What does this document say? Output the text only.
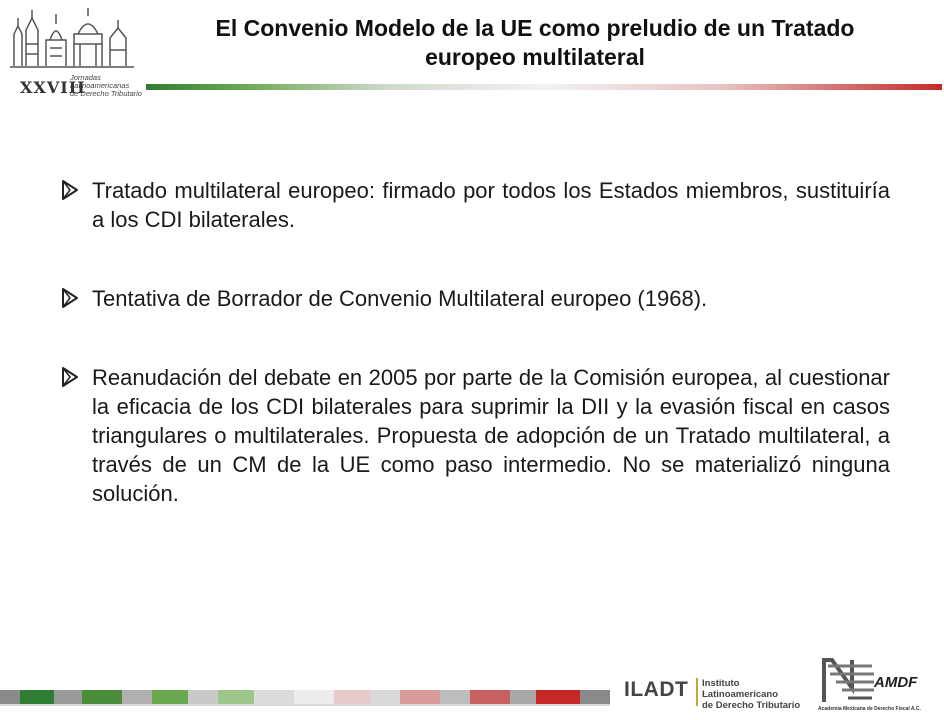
XXVIII
Jornadas Latinoamericanas
de Derecho Tributario
El Convenio Modelo de la UE como preludio de un Tratado
europeo multilateral
Tratado multilateral europeo: firmado por todos los Estados miembros, sustituiría a los CDI bilaterales.
Tentativa de Borrador de Convenio Multilateral europeo (1968).
Reanudación del debate en 2005 por parte de la Comisión europea, al cuestionar la eficacia de los CDI bilaterales para suprimir la DII y la evasión fiscal en casos triangulares o multilaterales. Propuesta de adopción de un Tratado multilateral, a través de un CM de la UE como paso intermedio. No se materializó ninguna solución.
ILADT Instituto Latinoamericano
de Derecho Tributario
AMDF
Academia Mexicana de Derecho Fiscal A.C.
